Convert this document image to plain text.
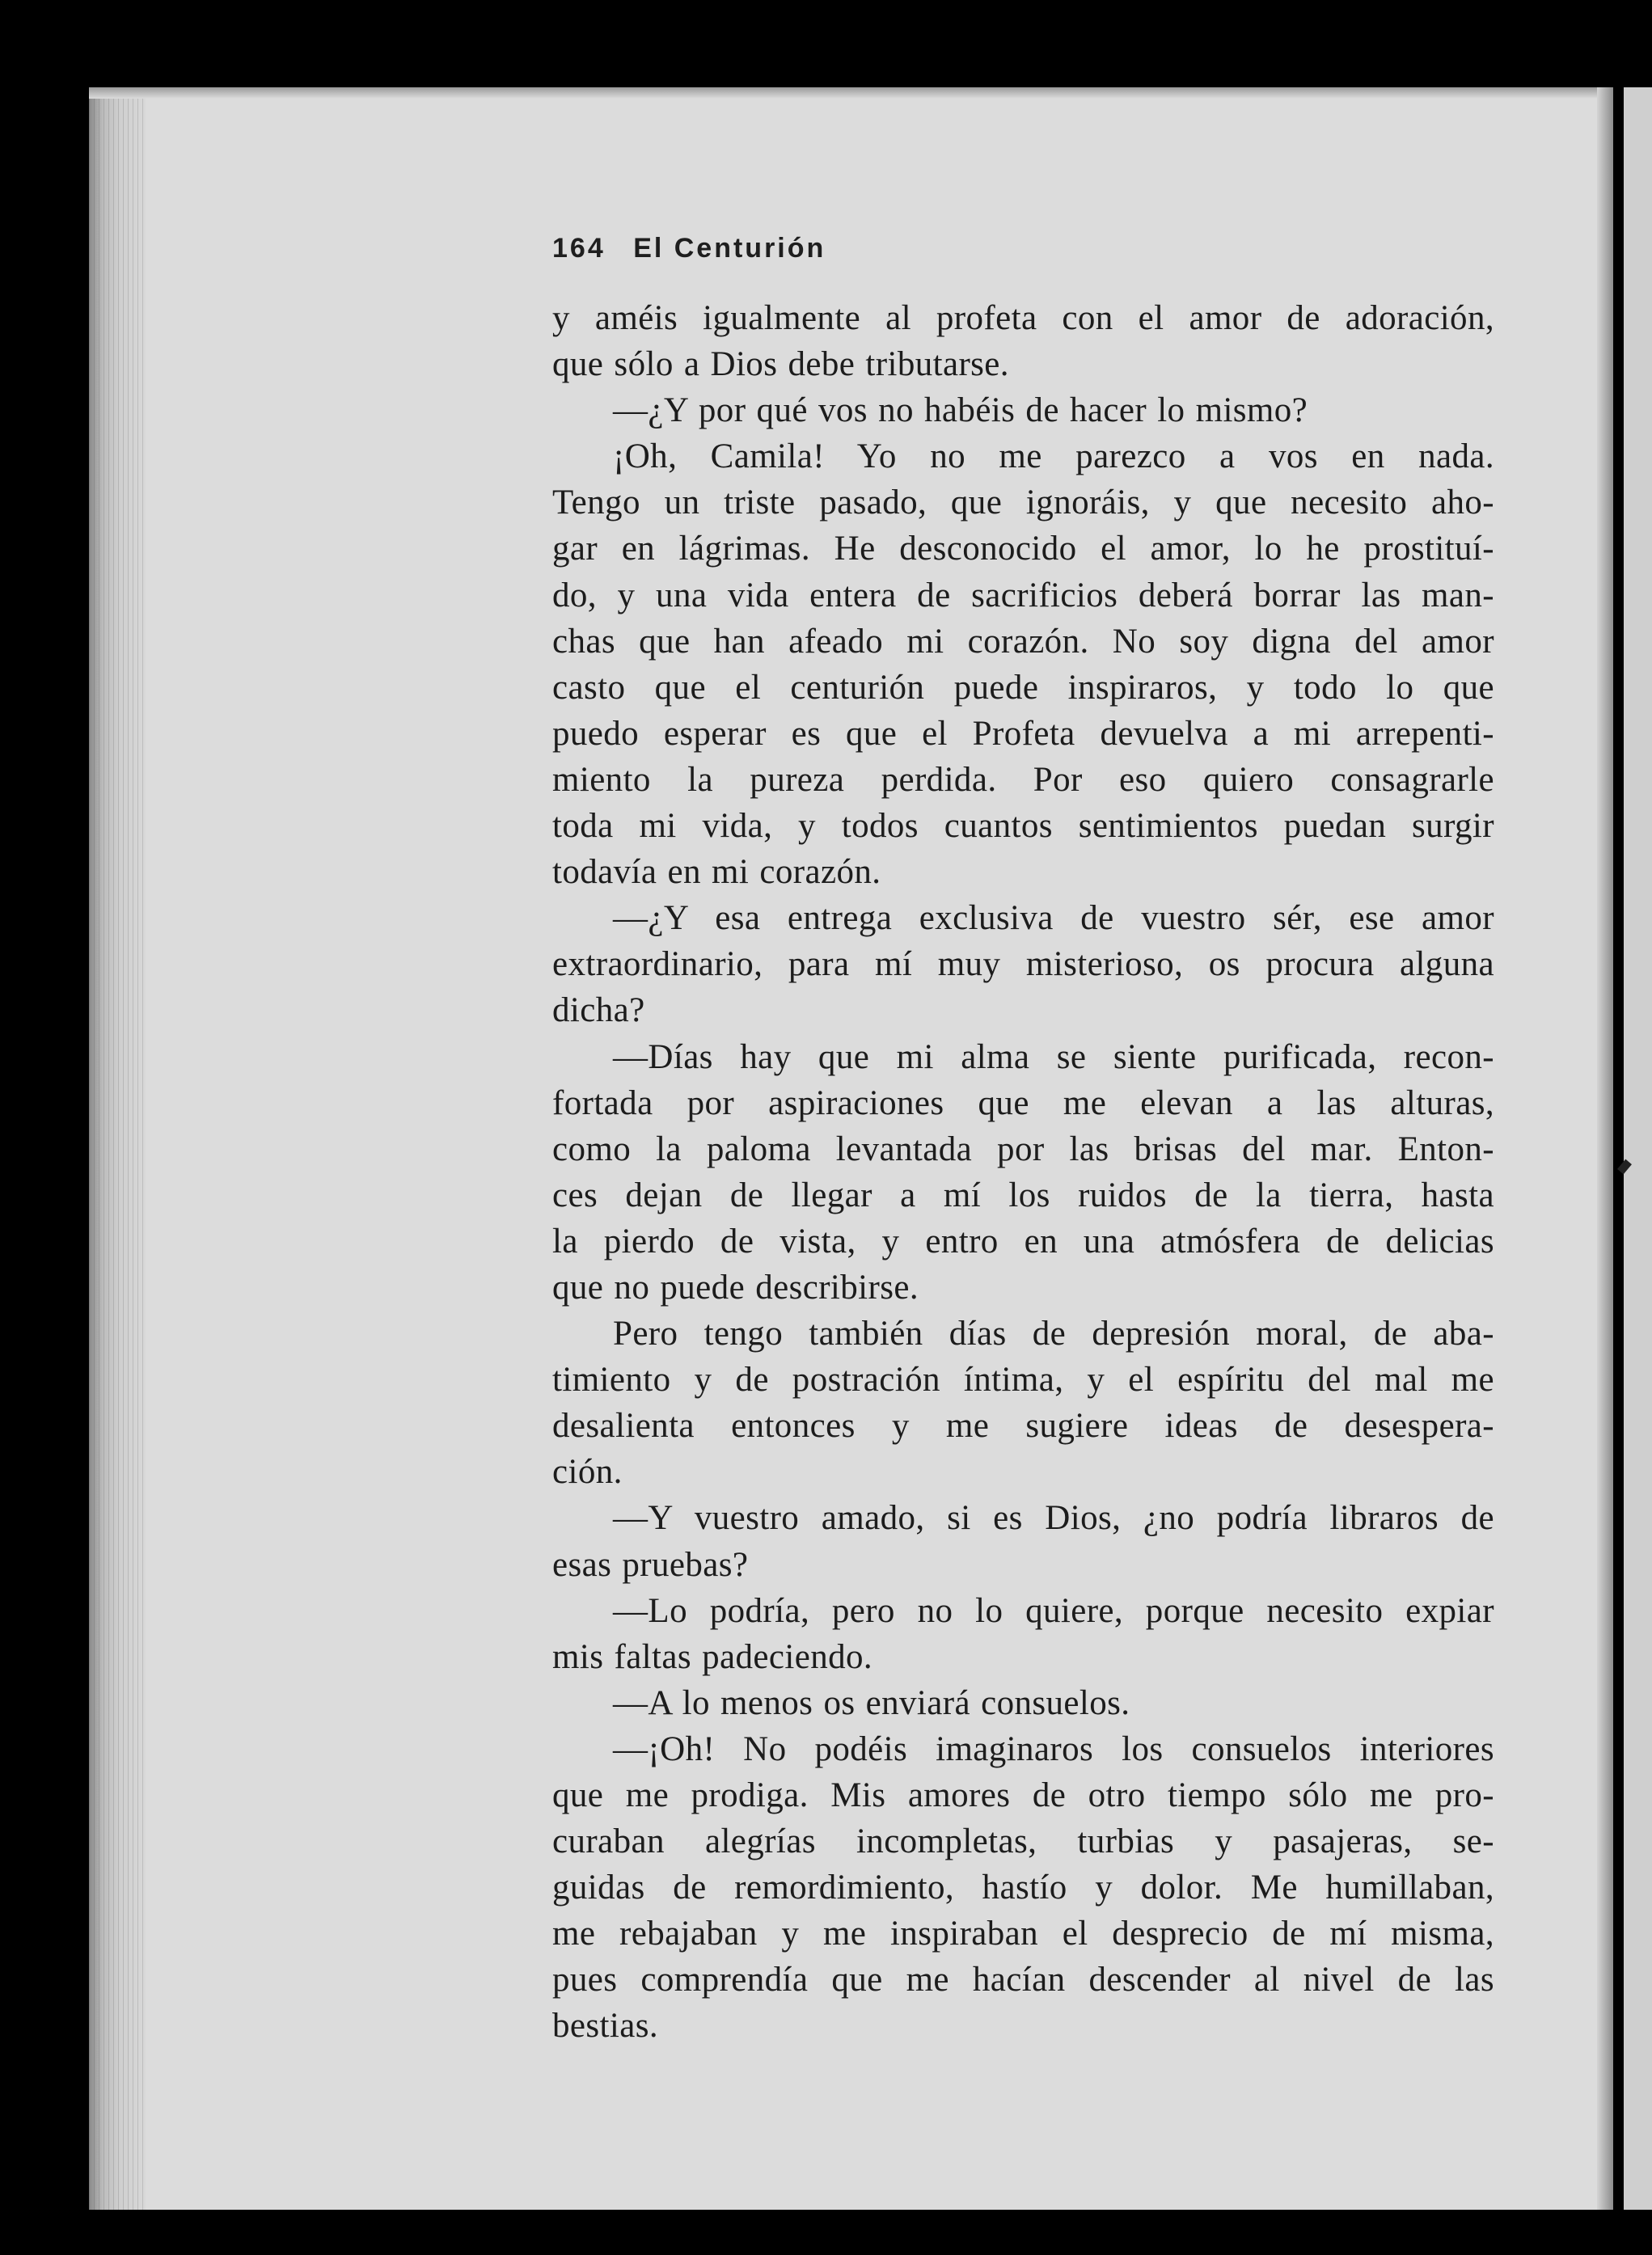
164 El Centurión
y améis igualmente al profeta con el amor de adoración,
que sólo a Dios debe tributarse.
—¿Y por qué vos no habéis de hacer lo mismo?
¡Oh, Camila! Yo no me parezco a vos en nada.
Tengo un triste pasado, que ignoráis, y que necesito aho-
gar en lágrimas. He desconocido el amor, lo he prostituí-
do, y una vida entera de sacrificios deberá borrar las man-
chas que han afeado mi corazón. No soy digna del amor
casto que el centurión puede inspiraros, y todo lo que
puedo esperar es que el Profeta devuelva a mi arrepenti-
miento la pureza perdida. Por eso quiero consagrarle
toda mi vida, y todos cuantos sentimientos puedan surgir
todavía en mi corazón.
—¿Y esa entrega exclusiva de vuestro sér, ese amor
extraordinario, para mí muy misterioso, os procura alguna
dicha?
—Días hay que mi alma se siente purificada, recon-
fortada por aspiraciones que me elevan a las alturas,
como la paloma levantada por las brisas del mar. Enton-
ces dejan de llegar a mí los ruidos de la tierra, hasta
la pierdo de vista, y entro en una atmósfera de delicias
que no puede describirse.
Pero tengo también días de depresión moral, de aba-
timiento y de postración íntima, y el espíritu del mal me
desalienta entonces y me sugiere ideas de desespera-
ción.
—Y vuestro amado, si es Dios, ¿no podría libraros de
esas pruebas?
—Lo podría, pero no lo quiere, porque necesito expiar
mis faltas padeciendo.
—A lo menos os enviará consuelos.
—¡Oh! No podéis imaginaros los consuelos interiores
que me prodiga. Mis amores de otro tiempo sólo me pro-
curaban alegrías incompletas, turbias y pasajeras, se-
guidas de remordimiento, hastío y dolor. Me humillaban,
me rebajaban y me inspiraban el desprecio de mí misma,
pues comprendía que me hacían descender al nivel de las
bestias.
